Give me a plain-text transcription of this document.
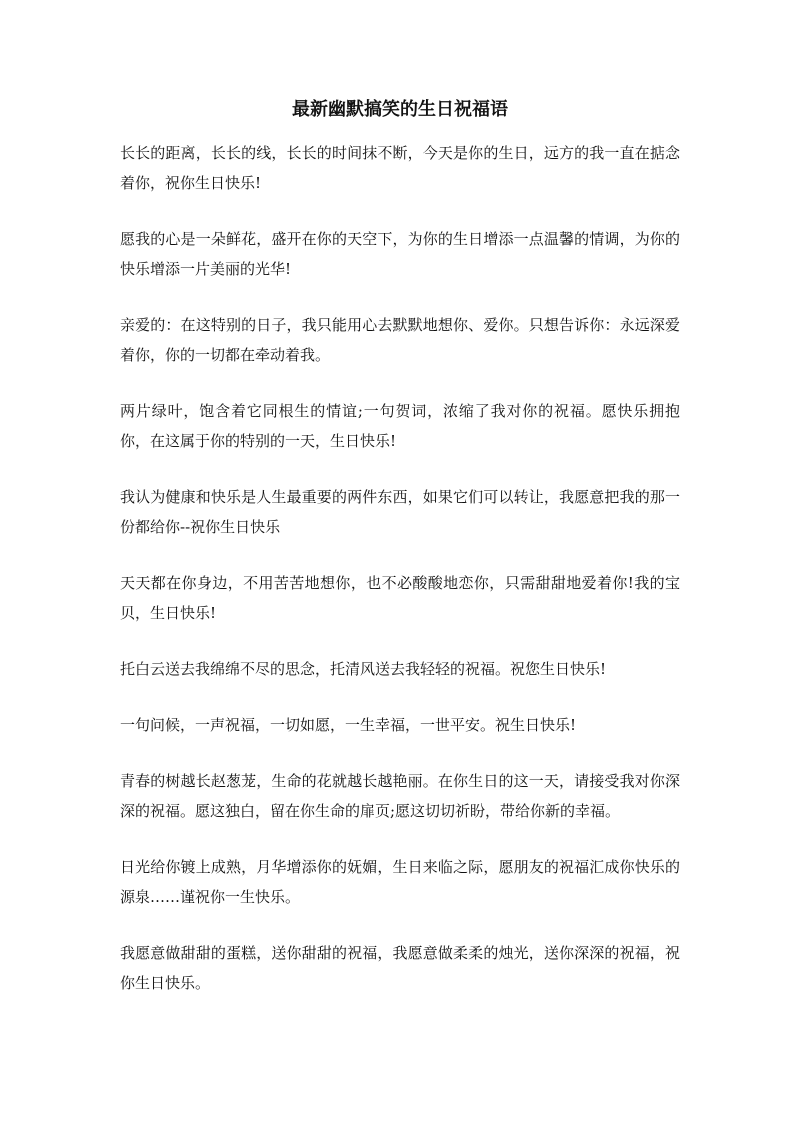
最新幽默搞笑的生日祝福语

长长的距离，长长的线，长长的时间抹不断，今天是你的生日，远方的我一直在掂念着你，祝你生日快乐!

愿我的心是一朵鲜花，盛开在你的天空下，为你的生日增添一点温馨的情调，为你的快乐增添一片美丽的光华!

亲爱的：在这特别的日子，我只能用心去默默地想你、爱你。只想告诉你：永远深爱着你，你的一切都在牵动着我。

两片绿叶，饱含着它同根生的情谊;一句贺词，浓缩了我对你的祝福。愿快乐拥抱你，在这属于你的特别的一天，生日快乐!

我认为健康和快乐是人生最重要的两件东西，如果它们可以转让，我愿意把我的那一份都给你--祝你生日快乐

天天都在你身边，不用苦苦地想你，也不必酸酸地恋你，只需甜甜地爱着你!我的宝贝，生日快乐!

托白云送去我绵绵不尽的思念，托清风送去我轻轻的祝福。祝您生日快乐!

一句问候，一声祝福，一切如愿，一生幸福，一世平安。祝生日快乐!

青春的树越长赵葱茏，生命的花就越长越艳丽。在你生日的这一天，请接受我对你深深的祝福。愿这独白，留在你生命的扉页;愿这切切祈盼，带给你新的幸福。

日光给你镀上成熟，月华增添你的妩媚，生日来临之际，愿朋友的祝福汇成你快乐的源泉……谨祝你一生快乐。

我愿意做甜甜的蛋糕，送你甜甜的祝福，我愿意做柔柔的烛光，送你深深的祝福，祝你生日快乐。
